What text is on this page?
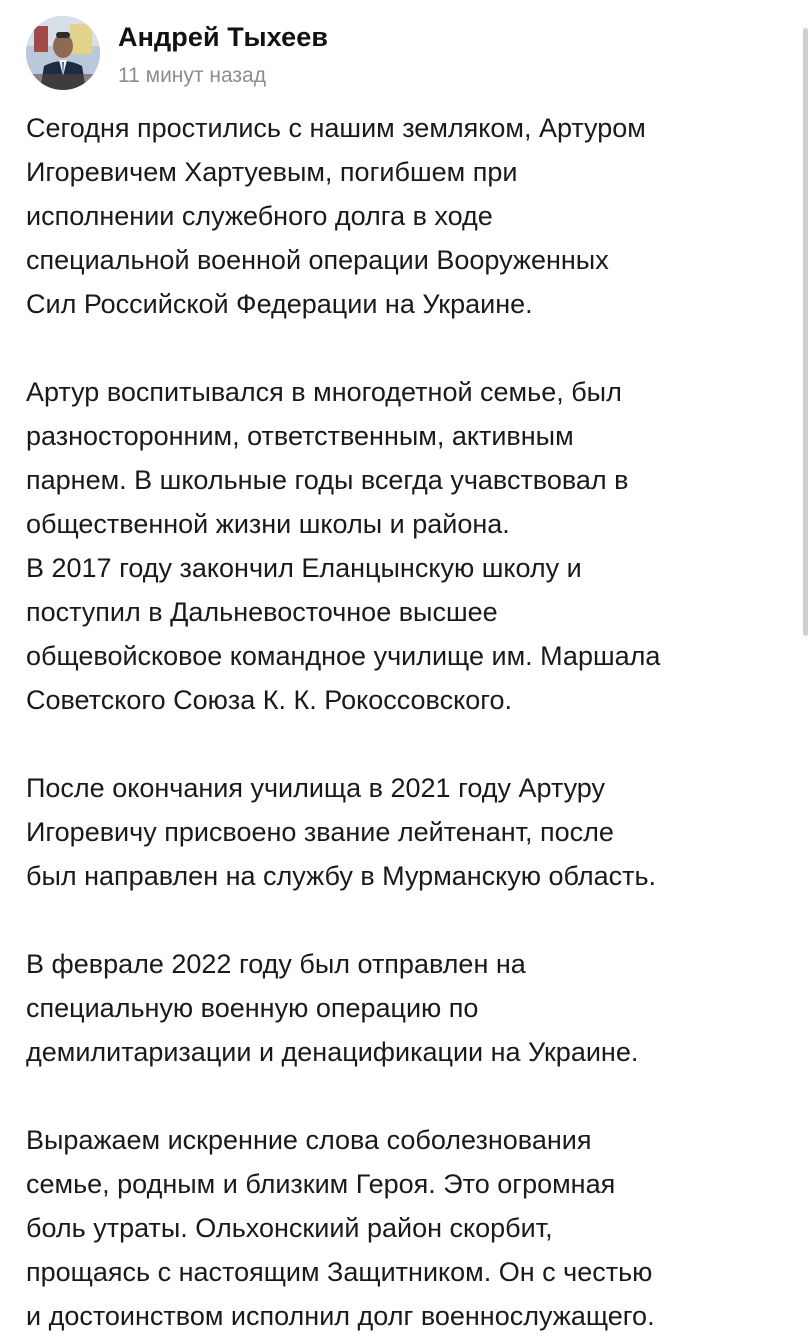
Андрей Тыхеев
11 минут назад

Сегодня простились с нашим земляком, Артуром
Игоревичем Хартуевым, погибшем при
исполнении служебного долга в ходе
специальной военной операции Вооруженных
Сил Российской Федерации на Украине.

Артур воспитывался в многодетной семье, был
разносторонним, ответственным, активным
парнем. В школьные годы всегда учавствовал в
общественной жизни школы и района.
В 2017 году закончил Еланцынскую школу и
поступил в Дальневосточное высшее
общевойсковое командное училище им. Маршала
Советского Союза К. К. Рокоссовского.

После окончания училища в 2021 году Артуру
Игоревичу присвоено звание лейтенант, после
был направлен на службу в Мурманскую область.

В феврале 2022 году был отправлен на
специальную военную операцию по
демилитаризации и денацификации на Украине.

Выражаем искренние слова соболезнования
семье, родным и близким Героя. Это огромная
боль утраты. Ольхонскиий район скорбит,
прощаясь с настоящим Защитником. Он с честью
и достоинством исполнил долг военнослужащего.
